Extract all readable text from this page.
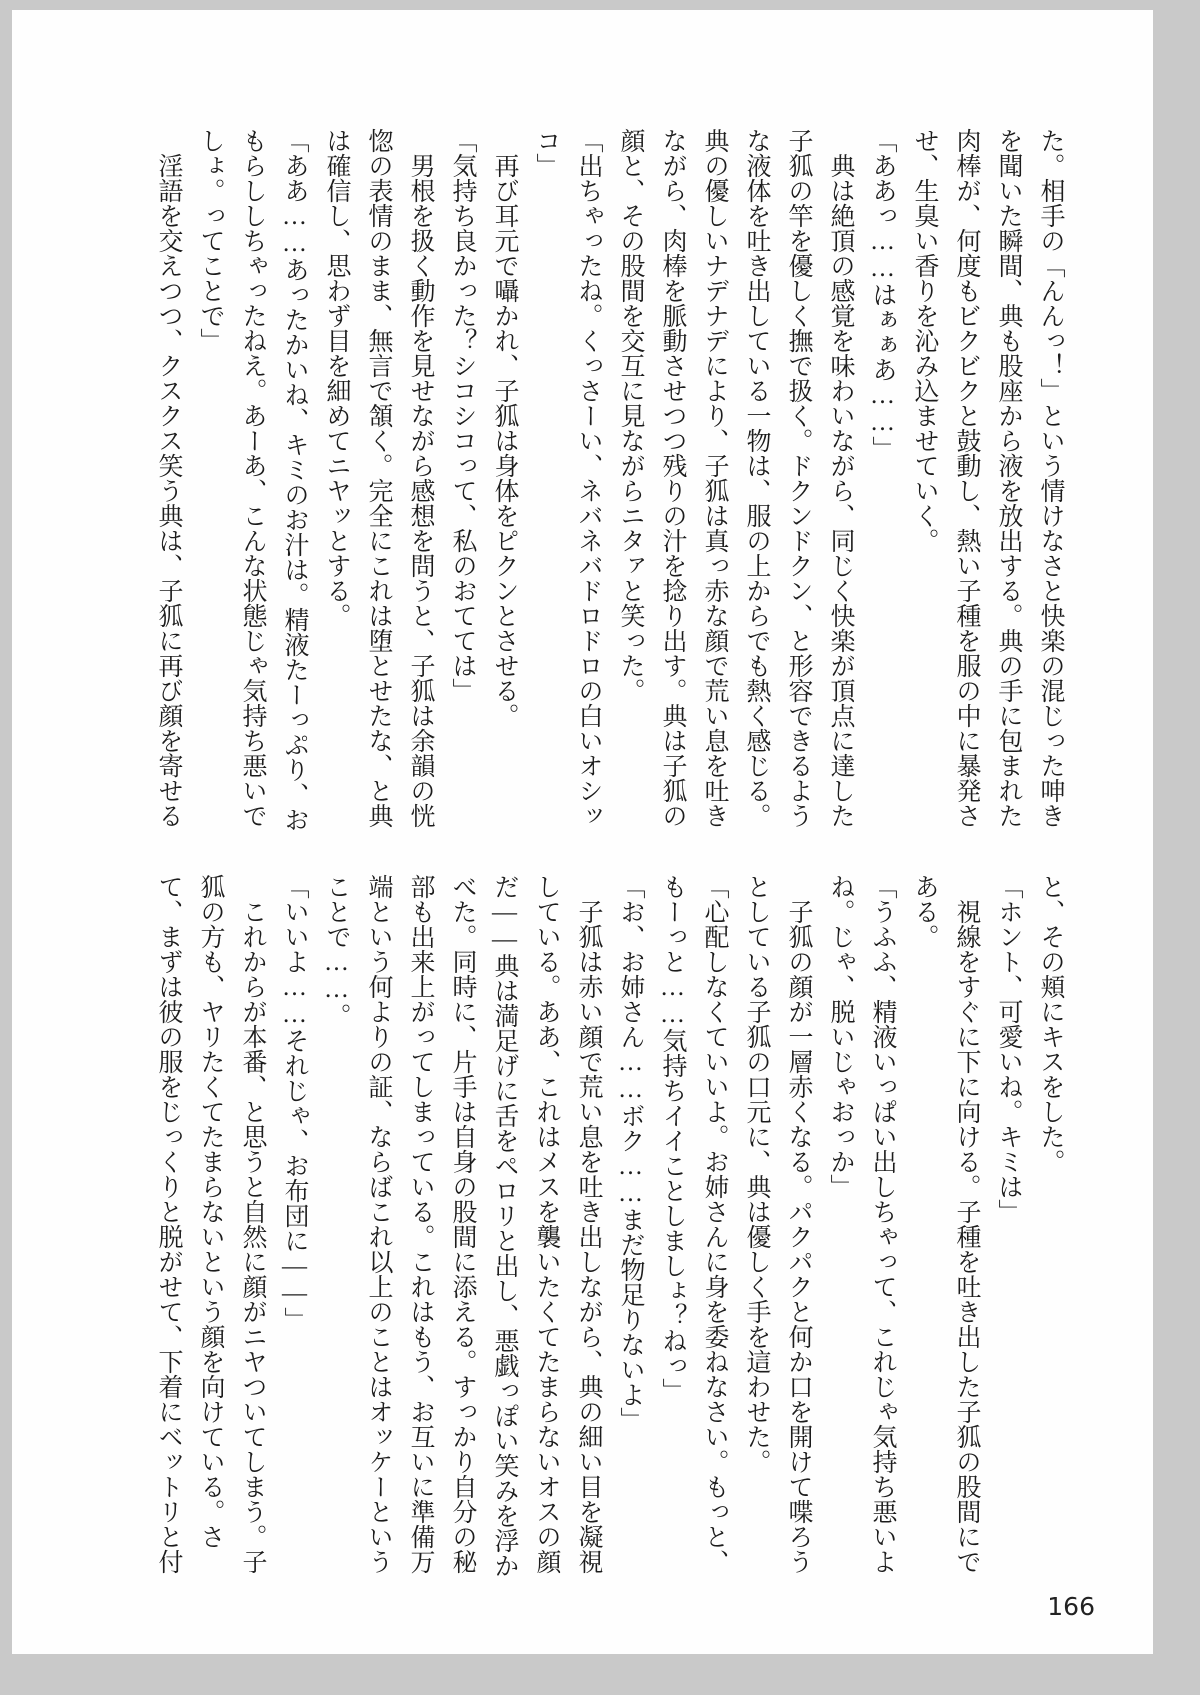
た。相手の「んんっ！」という情けなさと快楽の混じった呻き

を聞いた瞬間、典も股座から液を放出する。典の手に包まれた

肉棒が、何度もビクビクと鼓動し、熱い子種を服の中に暴発さ

せ、生臭い香りを沁み込ませていく。

「ああっ……はぁぁあ……」

　典は絶頂の感覚を味わいながら、同じく快楽が頂点に達した

子狐の竿を優しく撫で扱く。ドクンドクン、と形容できるよう

な液体を吐き出している一物は、服の上からでも熱く感じる。

典の優しいナデナデにより、子狐は真っ赤な顔で荒い息を吐き

ながら、肉棒を脈動させつつ残りの汁を捻り出す。典は子狐の

顔と、その股間を交互に見ながらニタァと笑った。

「出ちゃったね。くっさーい、ネバネバドロドロの白いオシッ

コ」

　再び耳元で囁かれ、子狐は身体をピクンとさせる。

「気持ち良かった？シコシコって、私のおてては」

　男根を扱く動作を見せながら感想を問うと、子狐は余韻の恍

惚の表情のまま、無言で頷く。完全にこれは堕とせたな、と典

は確信し、思わず目を細めてニヤッとする。

「ああ……あったかいね、キミのお汁は。精液たーっぷり、お

もらししちゃったねえ。あーあ、こんな状態じゃ気持ち悪いで

しょ。ってことで」

　淫語を交えつつ、クスクス笑う典は、子狐に再び顔を寄せる

と、その頬にキスをした。

「ホント、可愛いね。キミは」

　視線をすぐに下に向ける。子種を吐き出した子狐の股間にで

ある。

「うふふ、精液いっぱい出しちゃって、これじゃ気持ち悪いよ

ね。じゃ、脱いじゃおっか」

　子狐の顔が一層赤くなる。パクパクと何か口を開けて喋ろう

としている子狐の口元に、典は優しく手を這わせた。

「心配しなくていいよ。お姉さんに身を委ねなさい。もっと、

もーっと……気持ちイイことしましょ？ねっ」

「お、お姉さん……ボク……まだ物足りないよ」

　子狐は赤い顔で荒い息を吐き出しながら、典の細い目を凝視

している。ああ、これはメスを襲いたくてたまらないオスの顔

だ――典は満足げに舌をペロリと出し、悪戯っぽい笑みを浮か

べた。同時に、片手は自身の股間に添える。すっかり自分の秘

部も出来上がってしまっている。これはもう、お互いに準備万

端という何よりの証、ならばこれ以上のことはオッケーという

ことで……。

「いいよ……それじゃ、お布団に――」

　これからが本番、と思うと自然に顔がニヤついてしまう。子

狐の方も、ヤリたくてたまらないという顔を向けている。さ

て、まずは彼の服をじっくりと脱がせて、下着にベットリと付

166
